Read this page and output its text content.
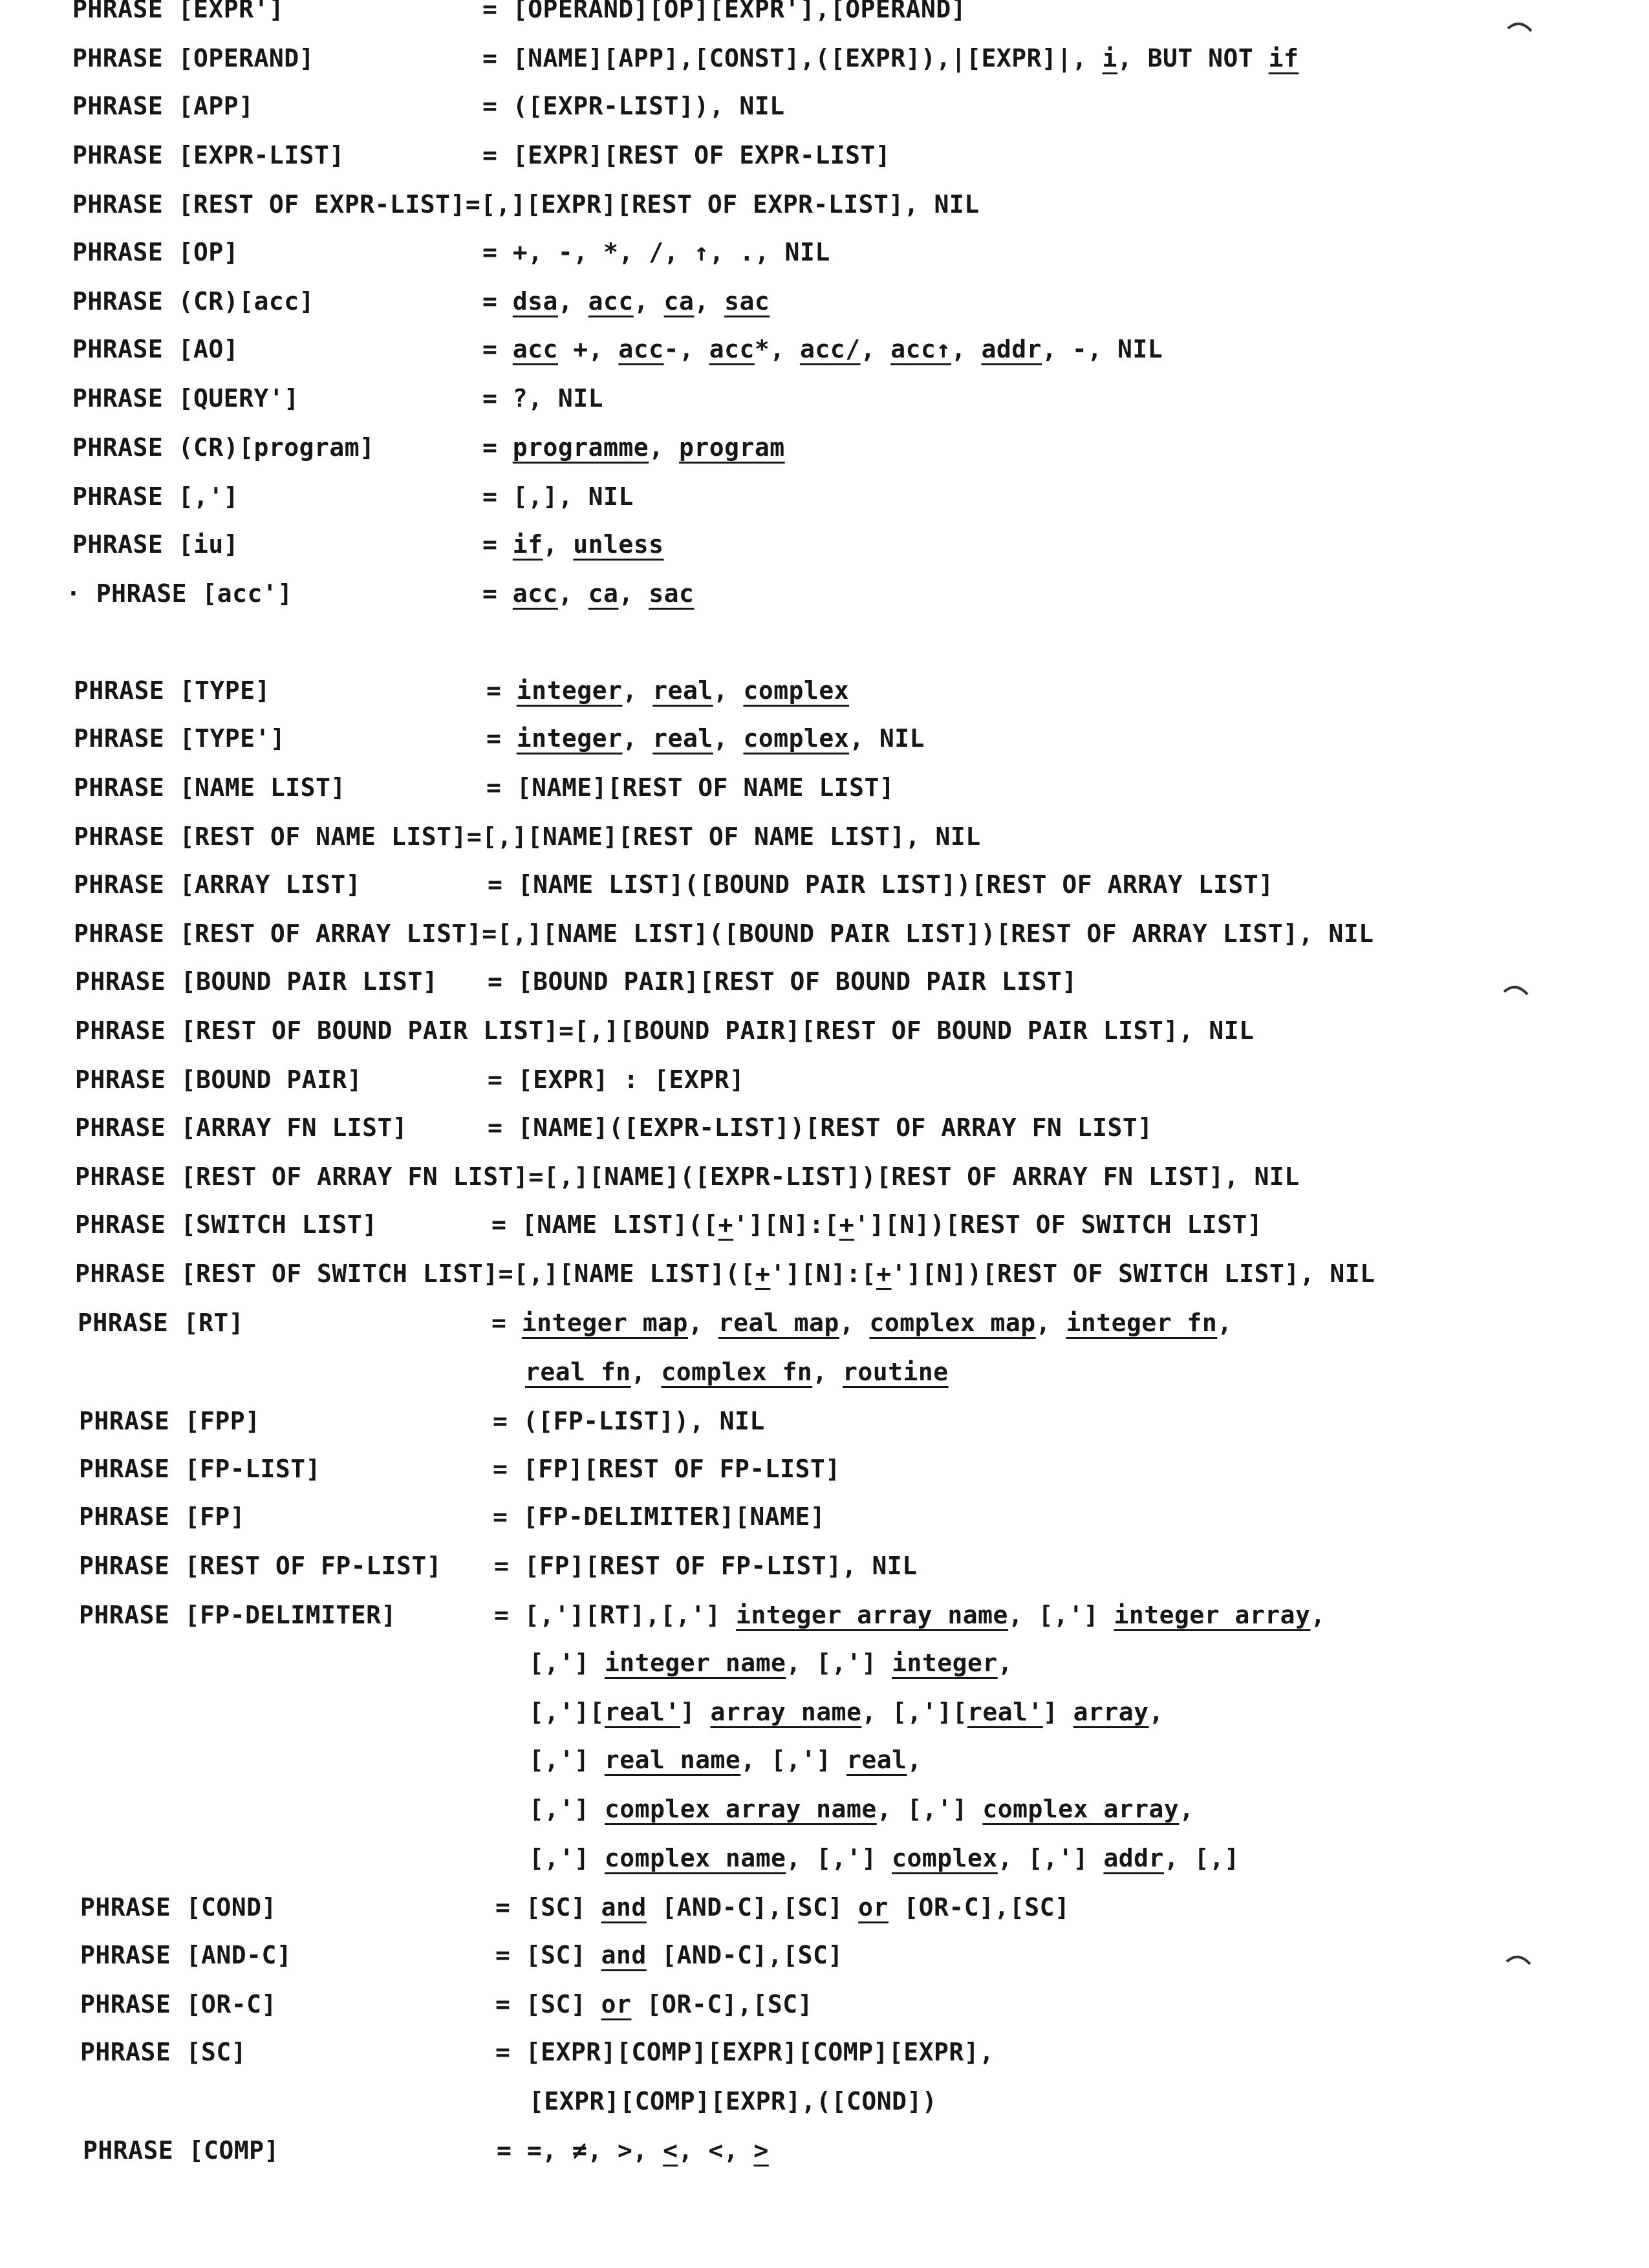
PHRASE [EXPR']	= [OPERAND][OP][EXPR'],[OPERAND]
PHRASE [OPERAND]	= [NAME][APP],[CONST],([EXPR]),|[EXPR]|, i, BUT NOT if
PHRASE [APP]	= ([EXPR-LIST]), NIL
PHRASE [EXPR-LIST]	= [EXPR][REST OF EXPR-LIST]
PHRASE [REST OF EXPR-LIST]=[,][EXPR][REST OF EXPR-LIST], NIL
PHRASE [OP]	= +, -, *, /, ↑, ., NIL
PHRASE (CR)[acc]	= dsa, acc, ca, sac
PHRASE [AO]	= acc +, acc-, acc*, acc/, acc↑, addr, -, NIL
PHRASE [QUERY']	= ?, NIL
PHRASE (CR)[program]	= programme, program
PHRASE [,']	= [,], NIL
PHRASE [iu]	= if, unless
· PHRASE [acc']	= acc, ca, sac
PHRASE [TYPE]	= integer, real, complex
PHRASE [TYPE']	= integer, real, complex, NIL
PHRASE [NAME LIST]	= [NAME][REST OF NAME LIST]
PHRASE [REST OF NAME LIST]=[,][NAME][REST OF NAME LIST], NIL
PHRASE [ARRAY LIST]	= [NAME LIST]([BOUND PAIR LIST])[REST OF ARRAY LIST]
PHRASE [REST OF ARRAY LIST]=[,][NAME LIST]([BOUND PAIR LIST])[REST OF ARRAY LIST], NIL
PHRASE [BOUND PAIR LIST] = [BOUND PAIR][REST OF BOUND PAIR LIST]
PHRASE [REST OF BOUND PAIR LIST]=[,][BOUND PAIR][REST OF BOUND PAIR LIST], NIL
PHRASE [BOUND PAIR]	= [EXPR] : [EXPR]
PHRASE [ARRAY FN LIST]	= [NAME]([EXPR-LIST])[REST OF ARRAY FN LIST]
PHRASE [REST OF ARRAY FN LIST]=[,][NAME]([EXPR-LIST])[REST OF ARRAY FN LIST], NIL
PHRASE [SWITCH LIST]	= [NAME LIST]([+'][N]:[+'][N])[REST OF SWITCH LIST]
PHRASE [REST OF SWITCH LIST]=[,][NAME LIST]([+'][N]:[+'][N])[REST OF SWITCH LIST], NIL
PHRASE [RT]	= integer map, real map, complex map, integer fn,
real fn, complex fn, routine
PHRASE [FPP]	= ([FP-LIST]), NIL
PHRASE [FP-LIST]	= [FP][REST OF FP-LIST]
PHRASE [FP]	= [FP-DELIMITER][NAME]
PHRASE [REST OF FP-LIST] = [FP][REST OF FP-LIST], NIL
PHRASE [FP-DELIMITER]	= [,'][RT],[,'] integer array name, [,'] integer array,
[,'] integer name, [,'] integer,
[,'][real'] array name, [,'][real'] array,
[,'] real name, [,'] real,
[,'] complex array name, [,'] complex array,
[,'] complex name, [,'] complex, [,'] addr, [,]
PHRASE [COND]	= [SC] and [AND-C],[SC] or [OR-C],[SC]
PHRASE [AND-C]	= [SC] and [AND-C],[SC]
PHRASE [OR-C]	= [SC] or [OR-C],[SC]
PHRASE [SC]	= [EXPR][COMP][EXPR][COMP][EXPR],
[EXPR][COMP][EXPR],([COND])
PHRASE [COMP]	= =, ≠, >, <, <, >
